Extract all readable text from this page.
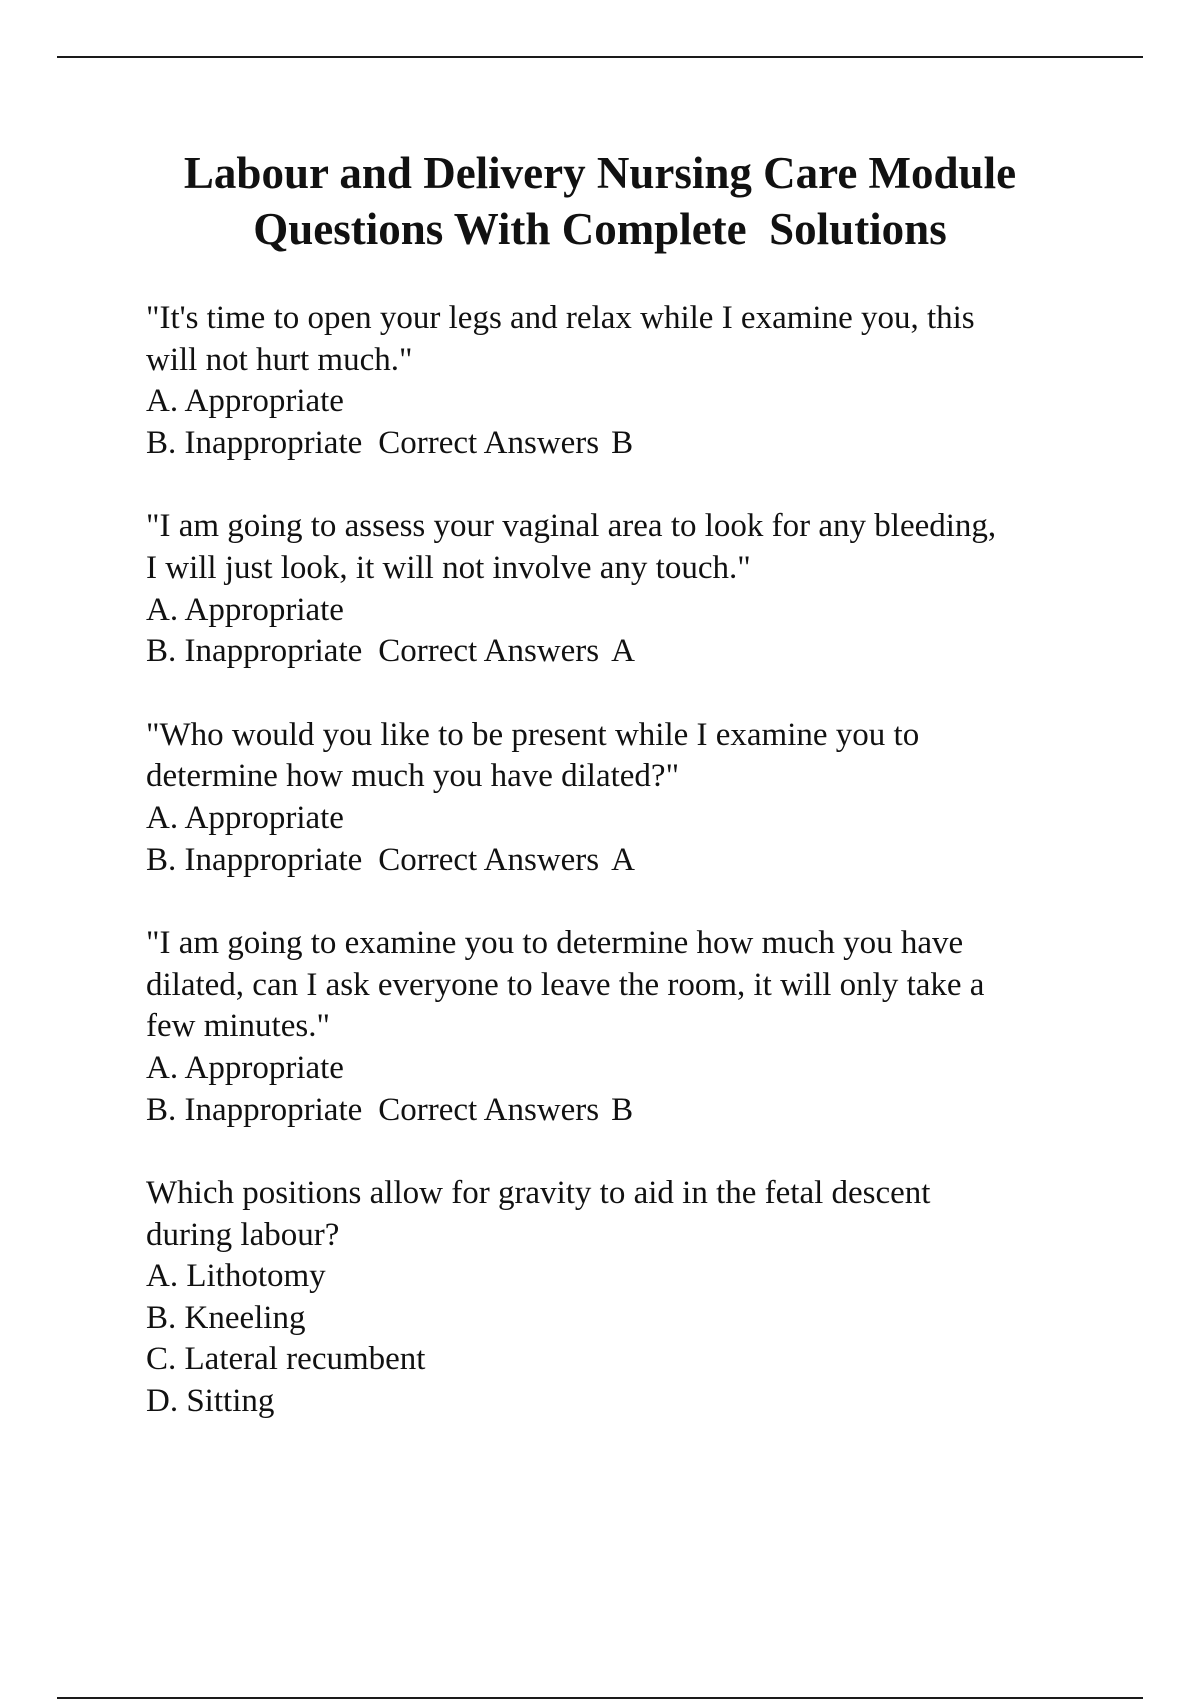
Labour and Delivery Nursing Care Module
Questions With Complete  Solutions
"It's time to open your legs and relax while I examine you, this
will not hurt much."
A. Appropriate
B. Inappropriate Correct Answers B
"I am going to assess your vaginal area to look for any bleeding,
I will just look, it will not involve any touch."
A. Appropriate
B. Inappropriate Correct Answers A
"Who would you like to be present while I examine you to
determine how much you have dilated?"
A. Appropriate
B. Inappropriate Correct Answers A
"I am going to examine you to determine how much you have
dilated, can I ask everyone to leave the room, it will only take a
few minutes."
A. Appropriate
B. Inappropriate Correct Answers B
Which positions allow for gravity to aid in the fetal descent
during labour?
A. Lithotomy
B. Kneeling
C. Lateral recumbent
D. Sitting
